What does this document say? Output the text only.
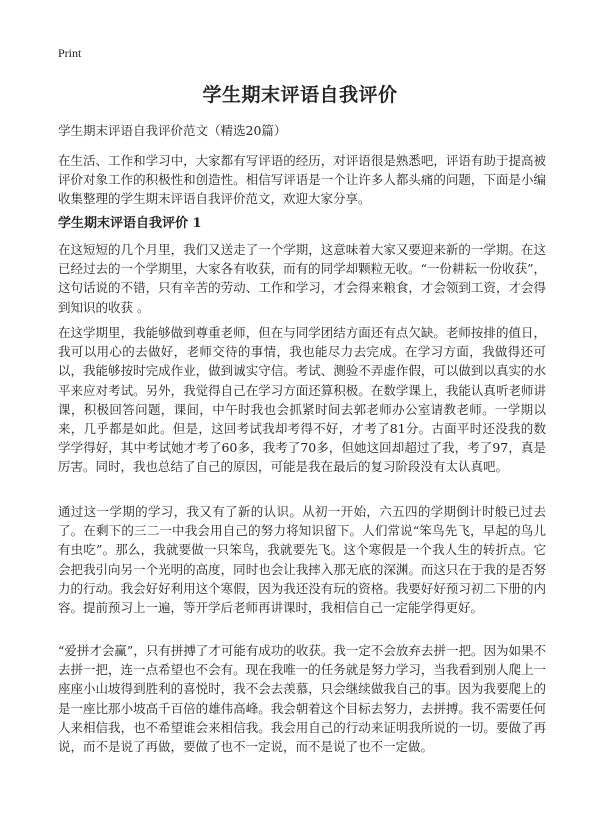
Print
学生期末评语自我评价
学生期末评语自我评价范文（精选20篇）

在生活、工作和学习中，大家都有写评语的经历，对评语很是熟悉吧，评语有助于提高被评价对象工作的积极性和创造性。相信写评语是一个让许多人都头痛的问题，下面是小编收集整理的学生期末评语自我评价范文，欢迎大家分享。

学生期末评语自我评价 1

在这短短的几个月里，我们又送走了一个学期，这意味着大家又要迎来新的一学期。在这已经过去的一个学期里，大家各有收获，而有的同学却颗粒无收。“一份耕耘一份收获”，这句话说的不错，只有辛苦的劳动、工作和学习，才会得来粮食，才会领到工资，才会得到知识的收获 。

在这学期里，我能够做到尊重老师，但在与同学团结方面还有点欠缺。老师按排的值日，我可以用心的去做好，老师交待的事情，我也能尽力去完成。在学习方面，我做得还可以，我能够按时完成作业，做到诚实守信。考试、测验不弄虚作假，可以做到以真实的水平来应对考试。另外，我觉得自己在学习方面还算积极。在数学课上，我能认真听老师讲课，积极回答问题，课间，中午时我也会抓紧时间去郭老师办公室请教老师。一学期以来，几乎都是如此。但是，这回考试我却考得不好，才考了81分。古面平时还没我的数学学得好，其中考试她才考了60多，我考了70多，但她这回却超过了我，考了97，真是厉害。同时，我也总结了自己的原因，可能是我在最后的复习阶段没有太认真吧。

通过这一学期的学习，我又有了新的认识。从初一开始，六五四的学期倒计时般已过去了。在剩下的三二一中我会用自己的努力将知识留下。人们常说“笨鸟先飞，早起的鸟儿有虫吃”。那么，我就要做一只笨鸟，我就要先飞。这个寒假是一个我人生的转折点。它会把我引向另一个光明的高度，同时也会让我摔入那无底的深渊。而这只在于我的是否努力的行动。我会好好利用这个寒假，因为我还没有玩的资格。我要好好预习初二下册的内容。提前预习上一遍，等开学后老师再讲课时，我相信自己一定能学得更好。

“爱拼才会赢”，只有拼搏了才可能有成功的收获。我一定不会放弃去拼一把。因为如果不去拼一把，连一点希望也不会有。现在我唯一的任务就是努力学习，当我看到别人爬上一座座小山坡得到胜利的喜悦时，我不会去羡慕，只会继续做我自己的事。因为我要爬上的是一座比那小坡高千百倍的雄伟高峰。我会朝着这个目标去努力，去拼搏。我不需要任何人来相信我，也不希望谁会来相信我。我会用自己的行动来证明我所说的一切。要做了再说，而不是说了再做，要做了也不一定说，而不是说了也不一定做。
